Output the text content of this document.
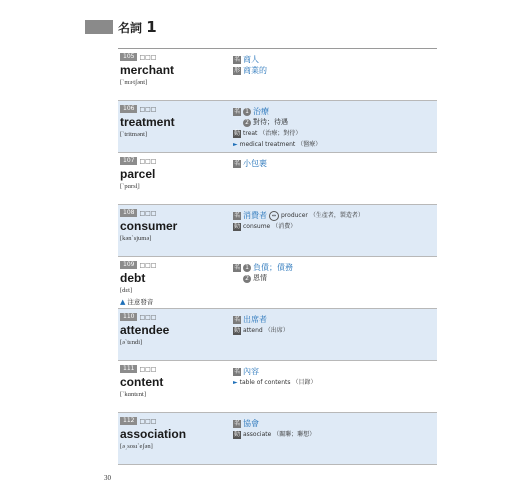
名詞 1
105 □□□
merchant
[ˋmɝtʃənt]
名 商人
形 商業的
106 □□□
treatment
[ˋtritmənt]
名 1 治療
2 對待；待遇
動 treat （治療；對待）
► medical treatment （醫療）
107 □□□
parcel
[ˋpɑrsl̩]
名 小包裹
108 □□□
consumer
[kənˋsjumə]
名 消費者 ⇔ producer （生產者，製造者）
動 consume （消費）
109 □□□
debt
[dɛt]
▲ 注意發音
名 1 負債；債務
2 恩情
110 □□□
attendee
[əˋtɛndi]
名 出席者
動 attend （出席）
111 □□□
content
[ˋkɑntɛnt]
名 內容
► table of contents （目錄）
112 □□□
association
[ə͵sosıˋeʃən]
名 協會
動 associate （關聯；聯想）
30
